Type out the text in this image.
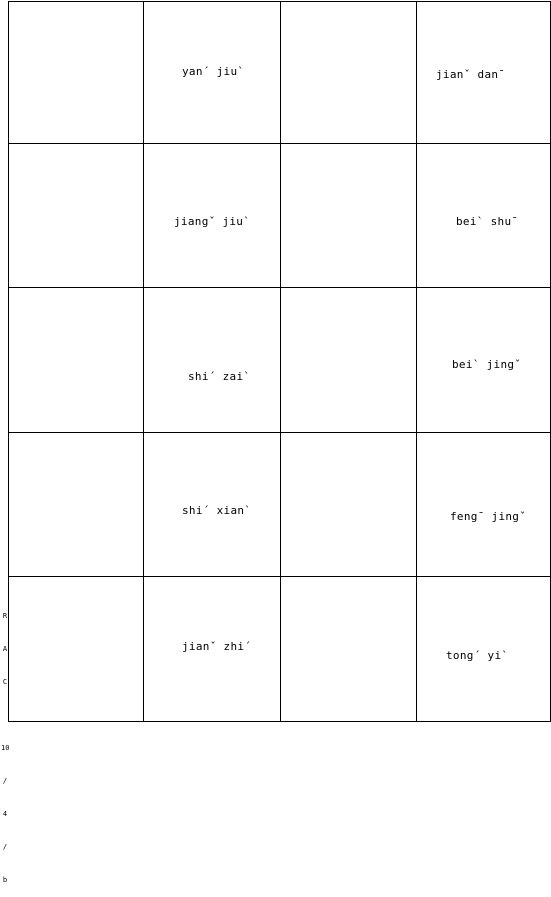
yan´ jiu`
jiangˇ jiu`
shi´ zai`
shi´ xian`
jianˇ zhi´
jianˇ dan¯
bei` shu¯
bei` jingˇ
feng¯ jingˇ
tong´ yi`

R

A

C

10

/

4

/

b
